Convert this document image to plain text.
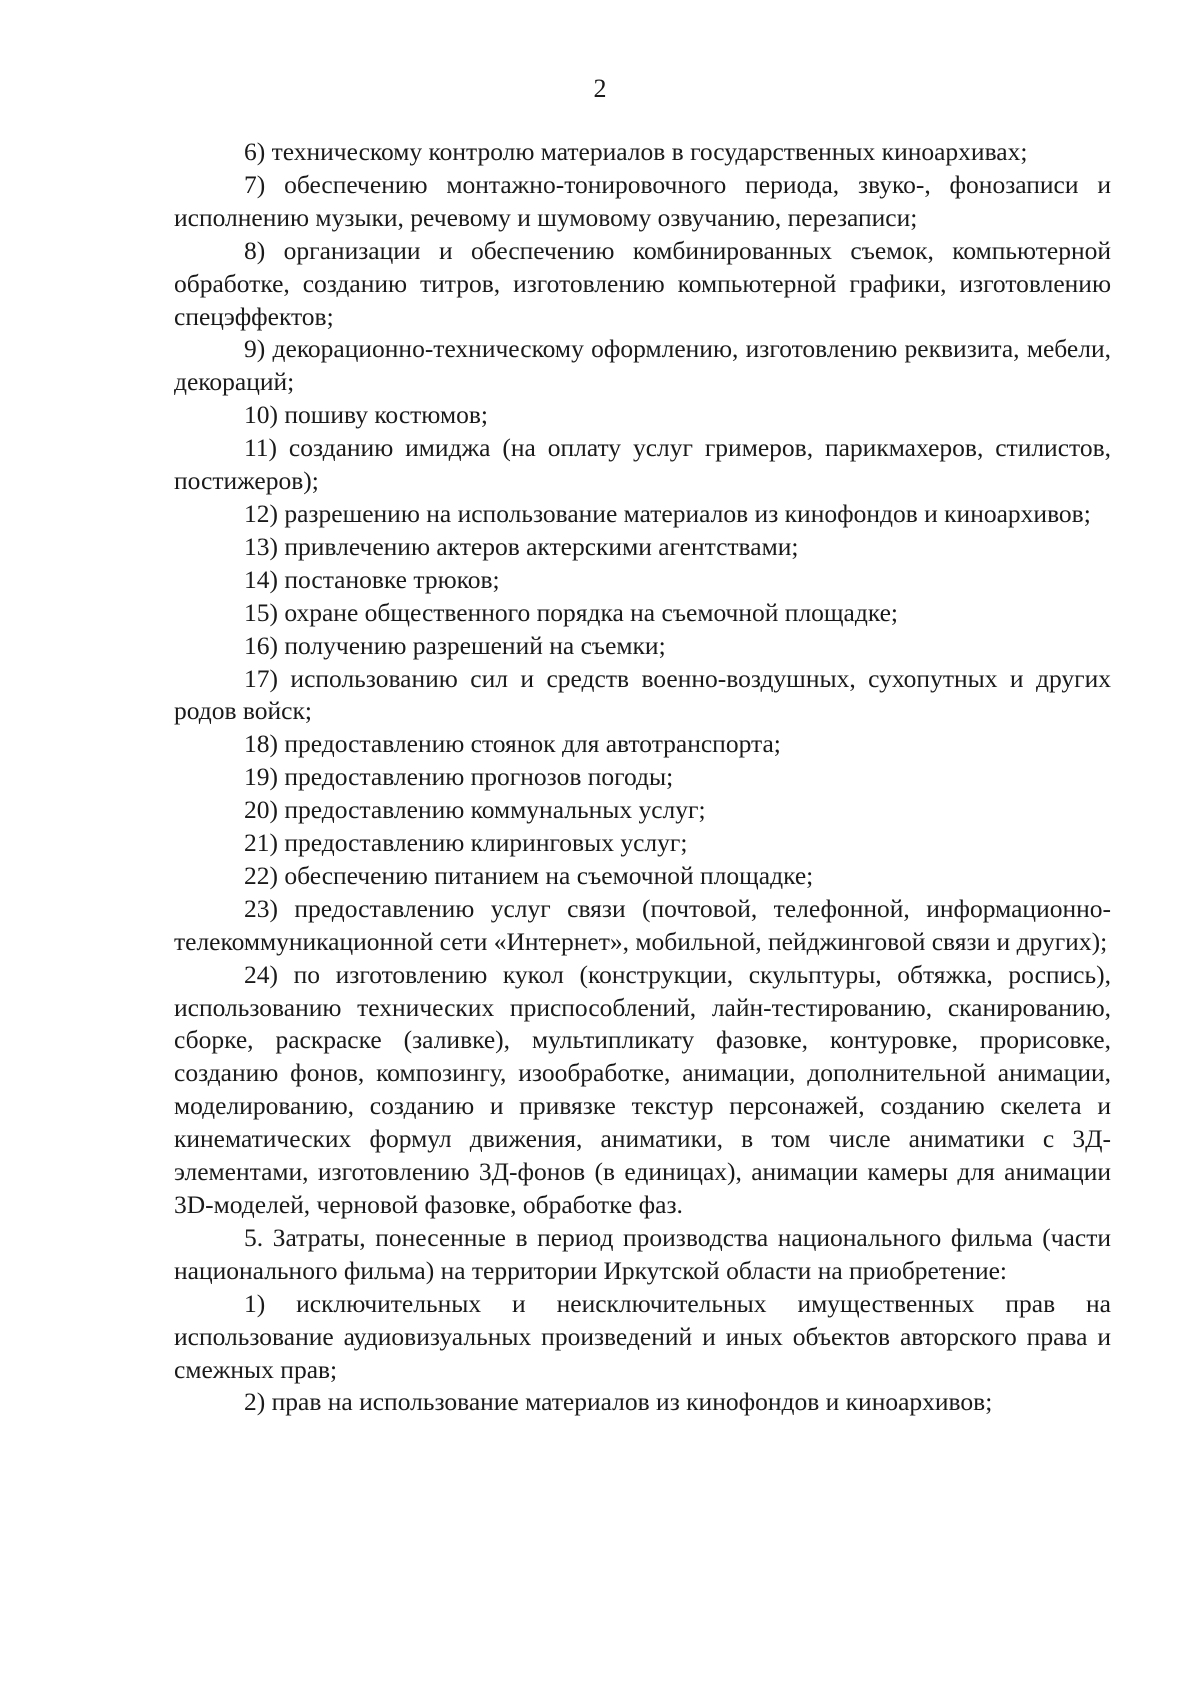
2

6) техническому контролю материалов в государственных киноархивах;

7) обеспечению монтажно-тонировочного периода, звуко-, фонозаписи и исполнению музыки, речевому и шумовому озвучанию, перезаписи;

8) организации и обеспечению комбинированных съемок, компьютерной обработке, созданию титров, изготовлению компьютерной графики, изготовлению спецэффектов;

9) декорационно-техническому оформлению, изготовлению реквизита, мебели, декораций;

10) пошиву костюмов;

11) созданию имиджа (на оплату услуг гримеров, парикмахеров, стилистов, постижеров);

12) разрешению на использование материалов из кинофондов и киноархивов;

13) привлечению актеров актерскими агентствами;

14) постановке трюков;

15) охране общественного порядка на съемочной площадке;

16) получению разрешений на съемки;

17) использованию сил и средств военно-воздушных, сухопутных и других родов войск;

18) предоставлению стоянок для автотранспорта;

19) предоставлению прогнозов погоды;

20) предоставлению коммунальных услуг;

21) предоставлению клиринговых услуг;

22) обеспечению питанием на съемочной площадке;

23) предоставлению услуг связи (почтовой, телефонной, информационно-телекоммуникационной сети «Интернет», мобильной, пейджинговой связи и других);

24) по изготовлению кукол (конструкции, скульптуры, обтяжка, роспись), использованию технических приспособлений, лайн-тестированию, сканированию, сборке, раскраске (заливке), мультипликату фазовке, контуровке, прорисовке, созданию фонов, композингу, изообработке, анимации, дополнительной анимации, моделированию, созданию и привязке текстур персонажей, созданию скелета и кинематических формул движения, аниматики, в том числе аниматики с 3Д-элементами, изготовлению 3Д-фонов (в единицах), анимации камеры для анимации 3D-моделей, черновой фазовке, обработке фаз.

5. Затраты, понесенные в период производства национального фильма (части национального фильма) на территории Иркутской области на приобретение:

1) исключительных и неисключительных имущественных прав на использование аудиовизуальных произведений и иных объектов авторского права и смежных прав;

2) прав на использование материалов из кинофондов и киноархивов;
